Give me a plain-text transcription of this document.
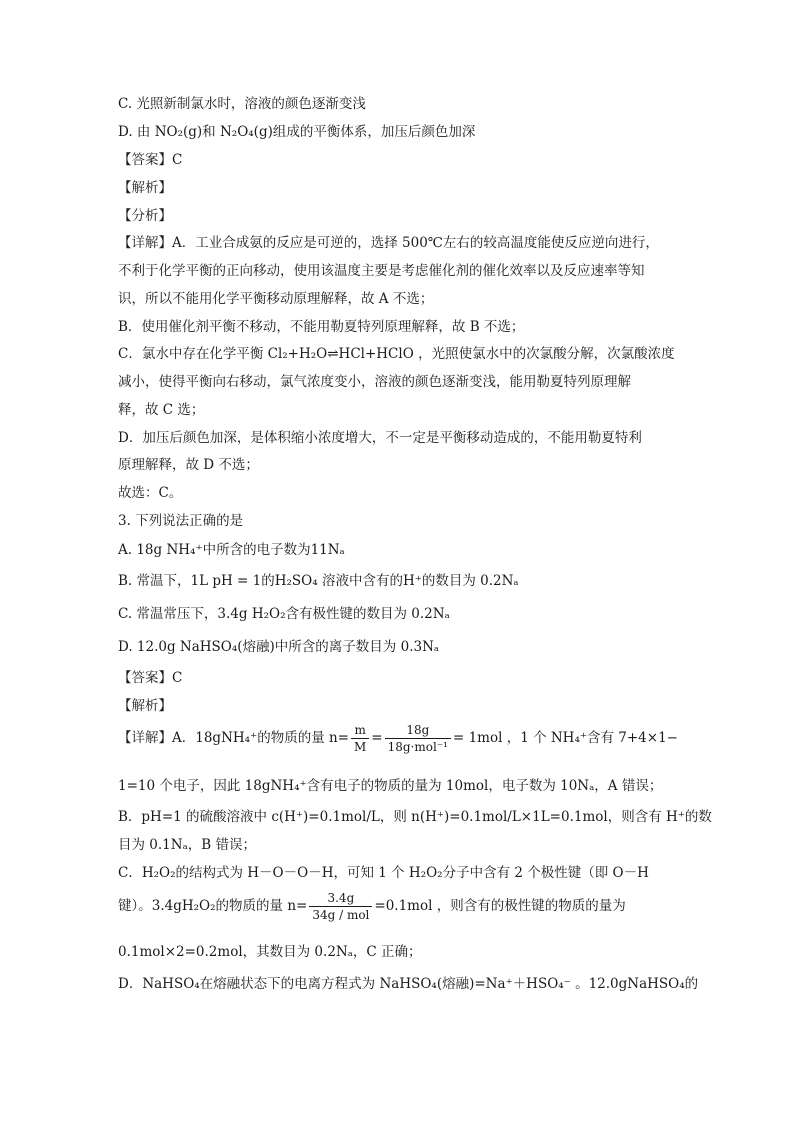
C. 光照新制氯水时，溶液的颜色逐渐变浅
D. 由 NO₂(g)和 N₂O₄(g)组成的平衡体系，加压后颜色加深
【答案】C
【解析】
【分析】
【详解】A．工业合成氨的反应是可逆的，选择 500℃左右的较高温度能使反应逆向进行，
不利于化学平衡的正向移动，使用该温度主要是考虑催化剂的催化效率以及反应速率等知
识，所以不能用化学平衡移动原理解释，故 A 不选；
B．使用催化剂平衡不移动，不能用勒夏特列原理解释，故 B 不选；
C．氯水中存在化学平衡 Cl₂+H₂O⇌HCl+HClO ，光照使氯水中的次氯酸分解，次氯酸浓度
减小，使得平衡向右移动，氯气浓度变小，溶液的颜色逐渐变浅，能用勒夏特列原理解
释，故 C 选；
D．加压后颜色加深，是体积缩小浓度增大，不一定是平衡移动造成的，不能用勒夏特利
原理解释，故 D 不选；
故选：C。
3. 下列说法正确的是
A. 18g NH₄⁺中所含的电子数为11Nₐ
B. 常温下，1L pH = 1的H₂SO₄ 溶液中含有的H⁺的数目为 0.2Nₐ
C. 常温常压下，3.4g H₂O₂含有极性键的数目为 0.2Nₐ
D. 12.0g NaHSO₄(熔融)中所含的离子数目为 0.3Nₐ
【答案】C
【解析】
【详解】A．18gNH₄⁺的物质的量 $n= \frac{m}{M} = \frac{18g}{\text{18g·mol⁻¹}} = 1mol$ ，1 个 NH₄⁺含有 7+4×1−
1=10 个电子，因此 18gNH₄⁺含有电子的物质的量为 10mol，电子数为 10Nₐ，A 错误；
B．pH=1 的硫酸溶液中 c(H⁺)=0.1mol/L，则 n(H⁺)=0.1mol/L×1L=0.1mol，则含有 H⁺的数
目为 0.1Nₐ，B 错误；
C．H₂O₂的结构式为 H－O－O－H，可知 1 个 H₂O₂分子中含有 2 个极性键（即 O－H
键）。3.4gH₂O₂的物质的量 $n= \frac{3.4g}{\text{34g / mol}} =0.1mol$ ，则含有的极性键的物质的量为
0.1mol×2=0.2mol，其数目为 0.2Nₐ，C 正确；
D．NaHSO₄在熔融状态下的电离方程式为 NaHSO₄(熔融)=Na⁺＋HSO₄⁻ 。12.0gNaHSO₄的
